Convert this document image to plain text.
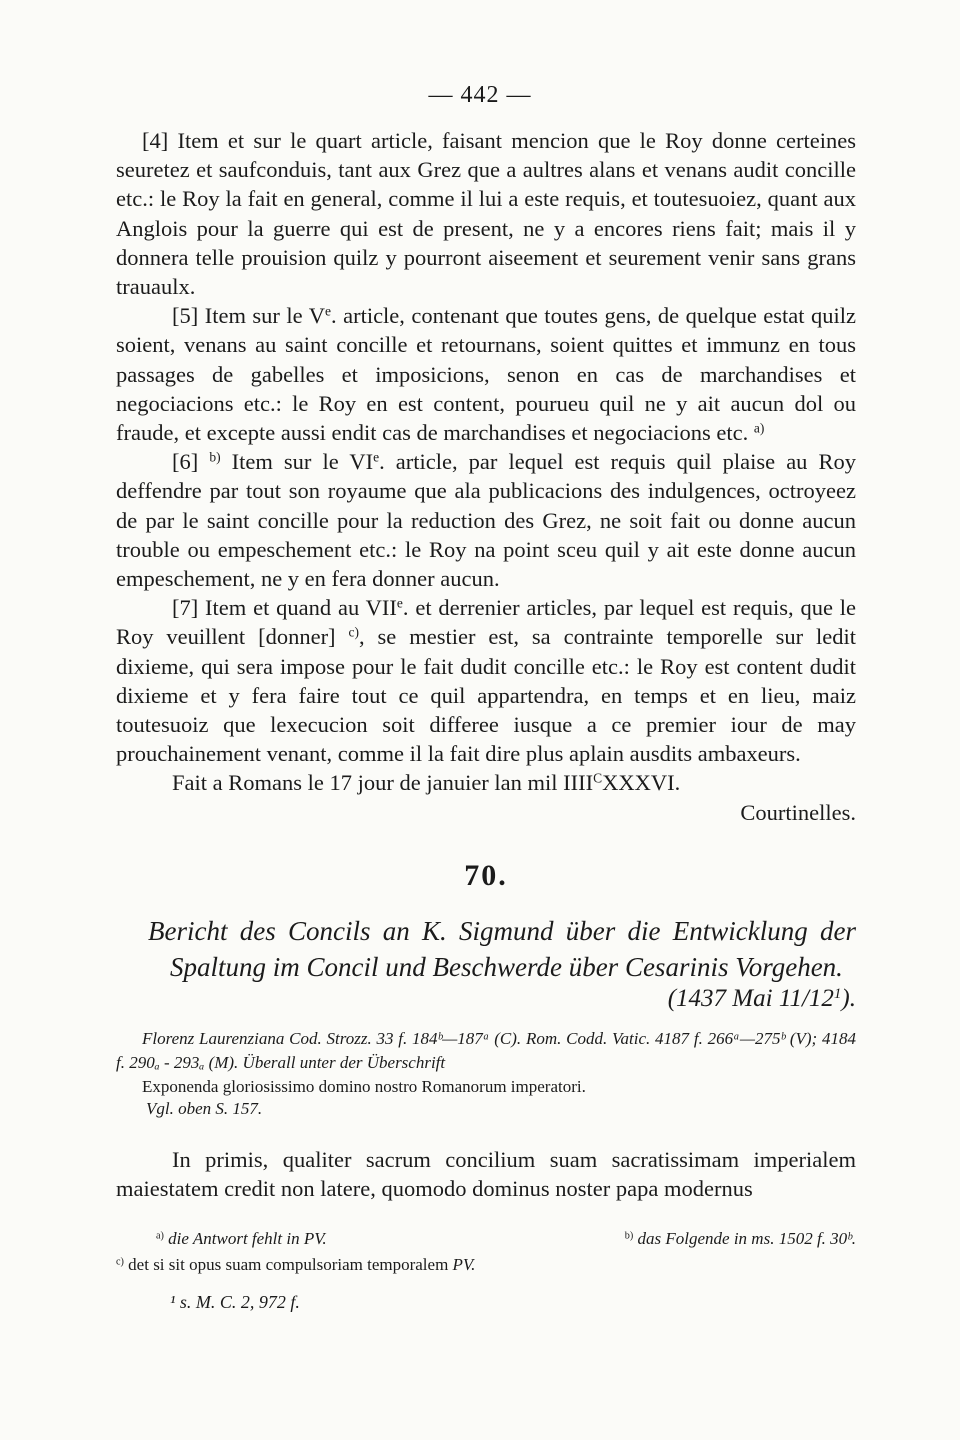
— 442 —

[4] Item et sur le quart article, faisant mencion que le Roy donne certeines seuretez et saufconduis, tant aux Grez que a aultres alans et venans audit concille etc.: le Roy la fait en general, comme il lui a este requis, et toutesuoiez, quant aux Anglois pour la guerre qui est de present, ne y a encores riens fait; mais il y donnera telle prouision quilz y pourront aiseement et seurement venir sans grans trauaulx.

[5] Item sur le Ve. article, contenant que toutes gens, de quelque estat quilz soient, venans au saint concille et retournans, soient quittes et immunz en tous passages de gabelles et imposicions, senon en cas de marchandises et negociacions etc.: le Roy en est content, pourueu quil ne y ait aucun dol ou fraude, et excepte aussi endit cas de marchandises et negociacions etc. $^{a)}$

[6] $^{b)}$ Item sur le VIe. article, par lequel est requis quil plaise au Roy deffendre par tout son royaume que ala publicacions des indulgences, octroyeez de par le saint concille pour la reduction des Grez, ne soit fait ou donne aucun trouble ou empeschement etc.: le Roy na point sceu quil y ait este donne aucun empeschement, ne y en fera donner aucun.

[7] Item et quand au VIIe. et derrenier articles, par lequel est requis, que le Roy veuillent [donner] $^{c)}$, se mestier est, sa contrainte temporelle sur ledit dixieme, qui sera impose pour le fait dudit concille etc.: le Roy est content dudit dixieme et y fera faire tout ce quil appartendra, en temps et en lieu, maiz toutesuoiz que lexecucion soit differee iusque a ce premier iour de may prouchainement venant, comme il la fait dire plus aplain ausdits ambaxeurs.

Fait a Romans le 17 jour de januier lan mil $IIII^CXXXVI$.

Courtinelles.

70.

Bericht des Concils an K. Sigmund über die Entwicklung der Spaltung im Concil und Beschwerde über Cesarinis Vorgehen.

(1437 Mai $11/12^1$).

Florenz Laurenziana Cod. Strozz. 33 f. 184ᵇ—187ᵃ (C). Rom. Codd. Vatic. 4187 f. 266ᵃ—275ᵇ (V); 4184 f. 290ₐ - 293ₐ (M). Überall unter der Überschrift

Exponenda gloriosissimo domino nostro Romanorum imperatori.

Vgl. oben S. 157.

In primis, qualiter sacrum concilium suam sacratissimam imperialem maiestatem credit non latere, quomodo dominus noster papa modernus

$^{a)}$ die Antwort fehlt in PV.	$^{b)}$ das Folgende in ms. 1502 f. 30ᵇ.
$^{c)}$ det si sit opus suam compulsoriam temporalem PV.
¹ s. M. C. 2, 972 f.
